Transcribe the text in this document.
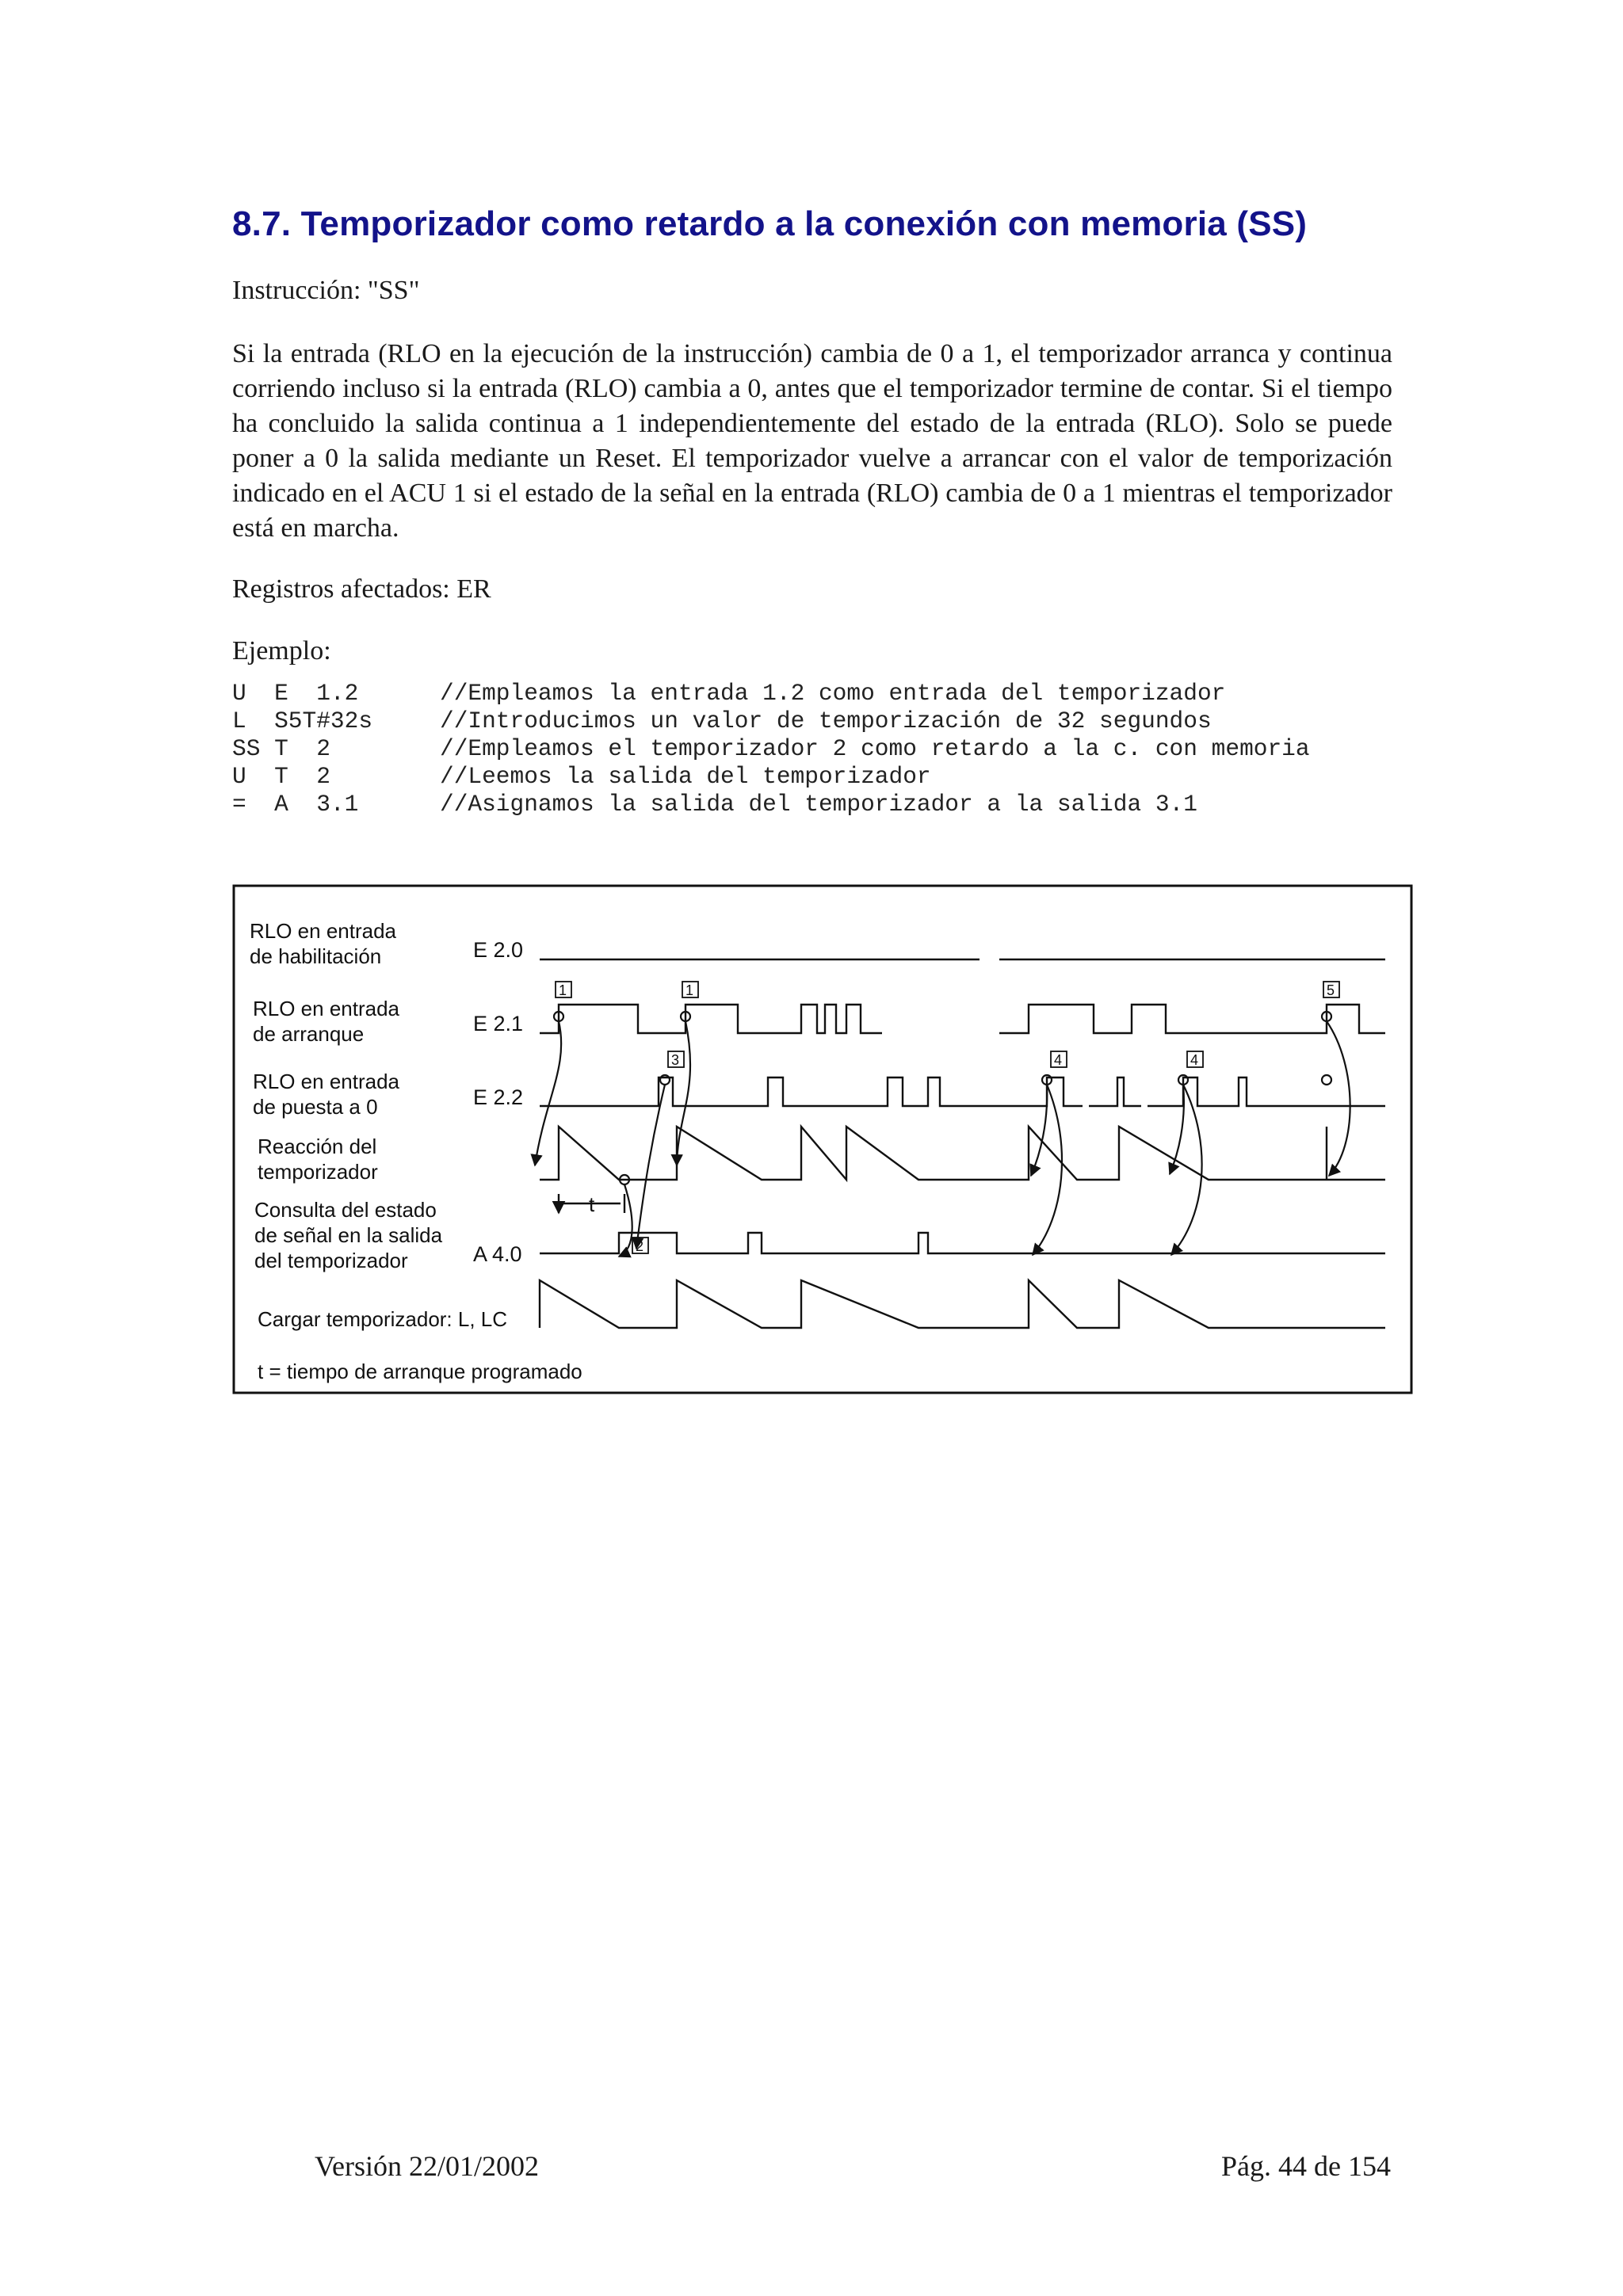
8.7. Temporizador como retardo a la conexión con memoria (SS)

Instrucción: "SS"

Si la entrada (RLO en la ejecución de la instrucción) cambia de 0 a 1, el temporizador arranca y continua corriendo incluso si la entrada (RLO) cambia a 0, antes que el temporizador termine de contar. Si el tiempo ha concluido la salida continua a 1 independientemente del estado de la entrada (RLO). Solo se puede poner a 0 la salida mediante un Reset. El temporizador vuelve a arrancar con el valor de temporización indicado en el ACU 1 si el estado de la señal en la entrada (RLO) cambia de 0 a 1 mientras el temporizador está en marcha.

Registros afectados: ER

Ejemplo:

U  E  1.2	//Empleamos la entrada 1.2 como entrada del temporizador
L  S5T#32s	//Introducimos un valor de temporización de 32 segundos
SS T  2	//Empleamos el temporizador 2 como retardo a la c. con memoria
U  T  2	//Leemos la salida del temporizador
=  A  3.1	//Asignamos la salida del temporizador a la salida 3.1
RLO en entrada de habilitación
RLO en entrada de arranque
RLO en entrada de puesta a 0
Reacción del temporizador
Consulta del estado de señal en la salida del temporizador
Cargar temporizador: L, LC
t = tiempo de arranque programado
E 2.0
E 2.1
E 2.2
A 4.0
t
1	1
3
2
4	4
5

Versión 22/01/2002	Pág. 44 de 154
